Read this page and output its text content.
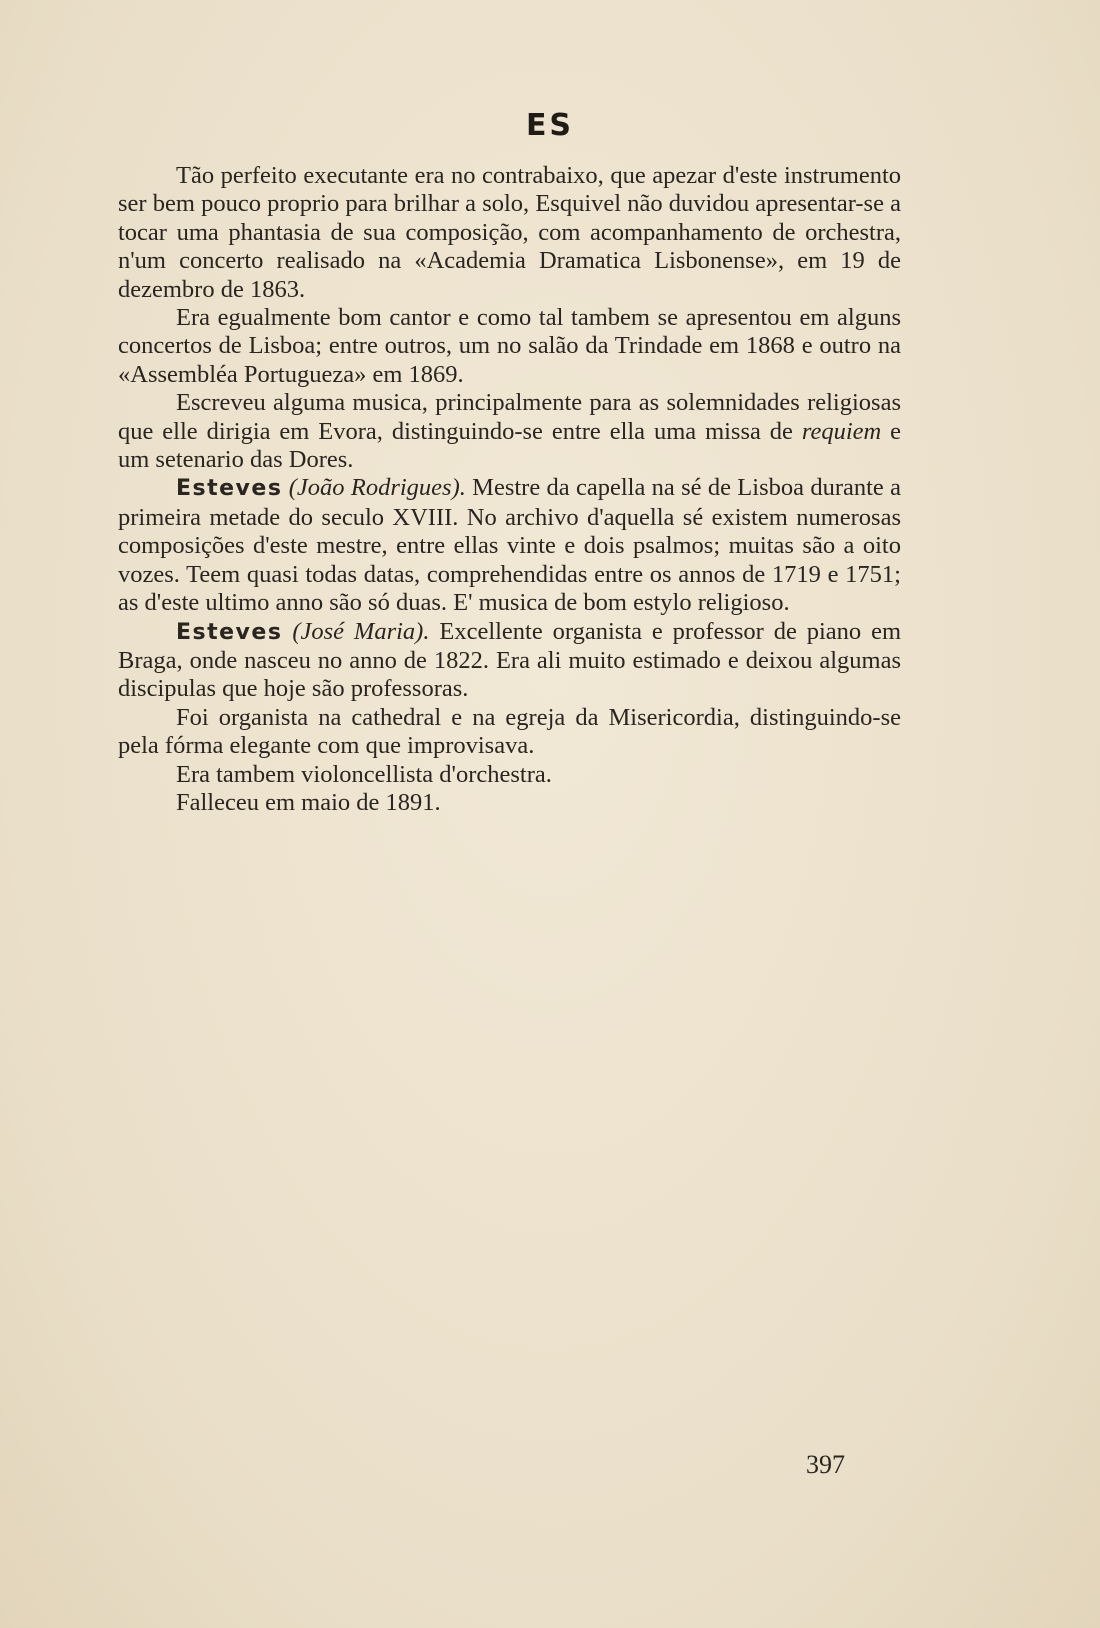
ES

Tão perfeito executante era no contrabaixo, que apezar d'este instrumento ser bem pouco proprio para brilhar a solo, Esquivel não duvidou apresentar-se a tocar uma phantasia de sua composição, com acompanhamento de orchestra, n'um concerto realisado na «Academia Dramatica Lisbonense», em 19 de dezembro de 1863.

Era egualmente bom cantor e como tal tambem se apresentou em alguns concertos de Lisboa; entre outros, um no salão da Trindade em 1868 e outro na «Assembléa Portugueza» em 1869.

Escreveu alguma musica, principalmente para as solemnidades religiosas que elle dirigia em Evora, distinguindo-se entre ella uma missa de requiem e um setenario das Dores.

Esteves (João Rodrigues). Mestre da capella na sé de Lisboa durante a primeira metade do seculo XVIII. No archivo d'aquella sé existem numerosas composições d'este mestre, entre ellas vinte e dois psalmos; muitas são a oito vozes. Teem quasi todas datas, comprehendidas entre os annos de 1719 e 1751; as d'este ultimo anno são só duas. E' musica de bom estylo religioso.

Esteves (José Maria). Excellente organista e professor de piano em Braga, onde nasceu no anno de 1822. Era ali muito estimado e deixou algumas discipulas que hoje são professoras.

Foi organista na cathedral e na egreja da Misericordia, distinguindo-se pela fórma elegante com que improvisava.

Era tambem violoncellista d'orchestra.

Falleceu em maio de 1891.

397
